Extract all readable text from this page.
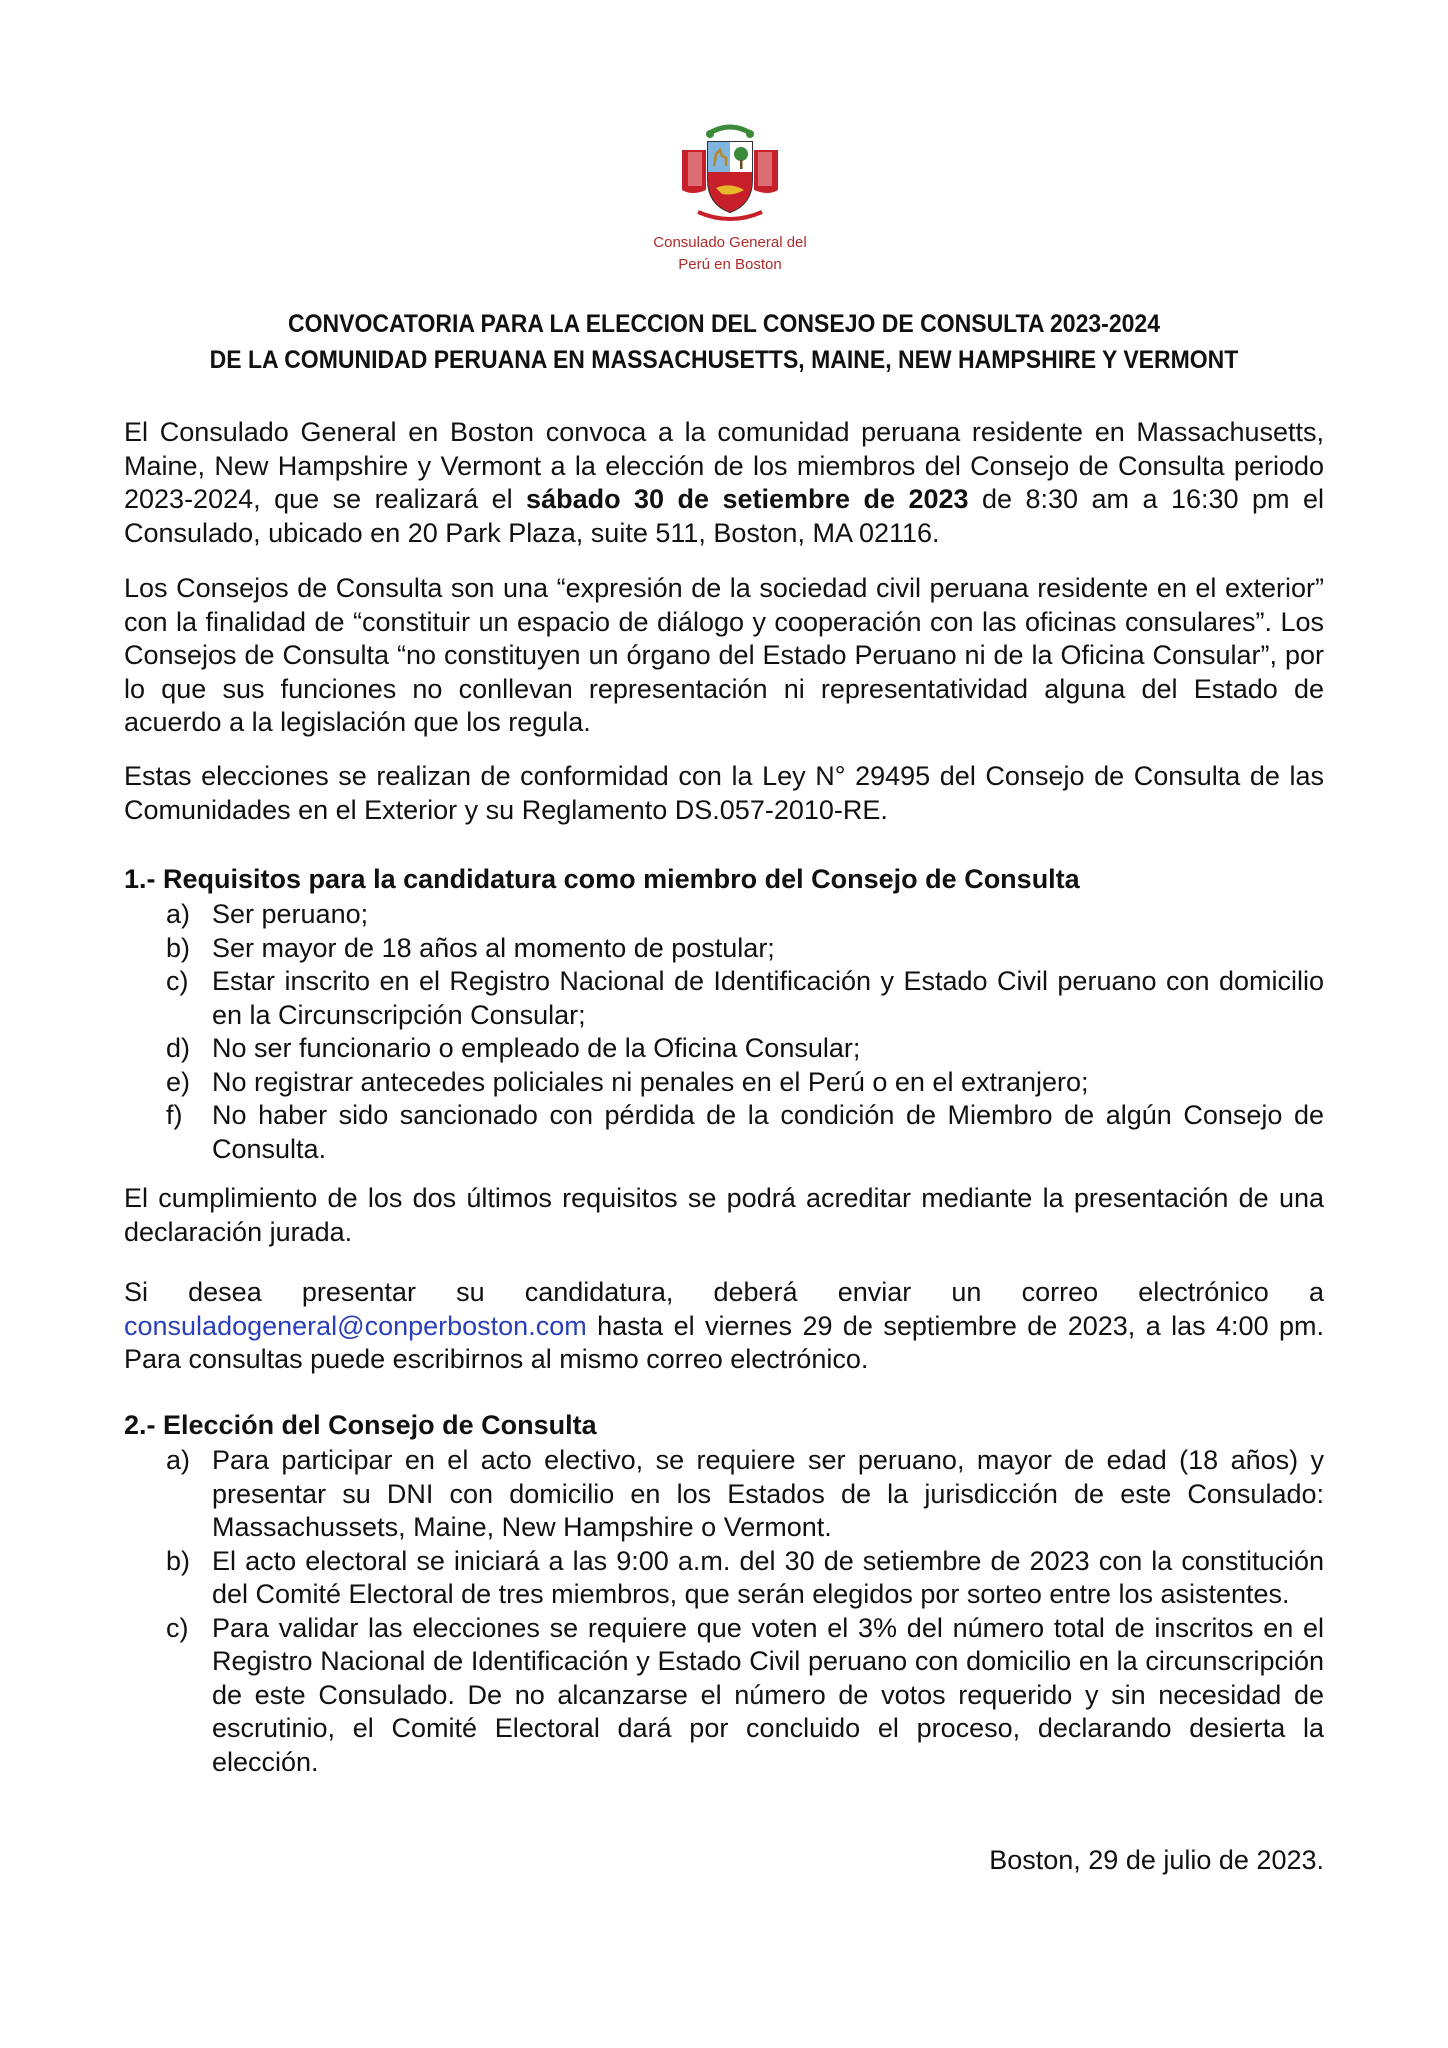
Consulado General del
Perú en Boston
CONVOCATORIA PARA LA ELECCION DEL CONSEJO DE CONSULTA 2023-2024
DE LA COMUNIDAD PERUANA EN MASSACHUSETTS, MAINE, NEW HAMPSHIRE Y VERMONT
El Consulado General en Boston convoca a la comunidad peruana residente en Massachusetts, Maine, New Hampshire y Vermont a la elección de los miembros del Consejo de Consulta periodo 2023-2024, que se realizará el sábado 30 de setiembre de 2023 de 8:30 am a 16:30 pm el Consulado, ubicado en 20 Park Plaza, suite 511, Boston, MA 02116.

Los Consejos de Consulta son una “expresión de la sociedad civil peruana residente en el exterior” con la finalidad de “constituir un espacio de diálogo y cooperación con las oficinas consulares”. Los Consejos de Consulta “no constituyen un órgano del Estado Peruano ni de la Oficina Consular”, por lo que sus funciones no conllevan representación ni representatividad alguna del Estado de acuerdo a la legislación que los regula.

Estas elecciones se realizan de conformidad con la Ley N° 29495 del Consejo de Consulta de las Comunidades en el Exterior y su Reglamento DS.057-2010-RE.

1.- Requisitos para la candidatura como miembro del Consejo de Consulta
a) Ser peruano;
b) Ser mayor de 18 años al momento de postular;
c) Estar inscrito en el Registro Nacional de Identificación y Estado Civil peruano con domicilio en la Circunscripción Consular;
d) No ser funcionario o empleado de la Oficina Consular;
e) No registrar antecedes policiales ni penales en el Perú o en el extranjero;
f) No haber sido sancionado con pérdida de la condición de Miembro de algún Consejo de Consulta.

El cumplimiento de los dos últimos requisitos se podrá acreditar mediante la presentación de una declaración jurada.

Si desea presentar su candidatura, deberá enviar un correo electrónico a consuladogeneral@conperboston.com hasta el viernes 29 de septiembre de 2023, a las 4:00 pm. Para consultas puede escribirnos al mismo correo electrónico.
2.- Elección del Consejo de Consulta
a) Para participar en el acto electivo, se requiere ser peruano, mayor de edad (18 años) y presentar su DNI con domicilio en los Estados de la jurisdicción de este Consulado: Massachussets, Maine, New Hampshire o Vermont.
b) El acto electoral se iniciará a las 9:00 a.m. del 30 de setiembre de 2023 con la constitución del Comité Electoral de tres miembros, que serán elegidos por sorteo entre los asistentes.
c) Para validar las elecciones se requiere que voten el 3% del número total de inscritos en el Registro Nacional de Identificación y Estado Civil peruano con domicilio en la circunscripción de este Consulado. De no alcanzarse el número de votos requerido y sin necesidad de escrutinio, el Comité Electoral dará por concluido el proceso, declarando desierta la elección.

Boston, 29 de julio de 2023.
